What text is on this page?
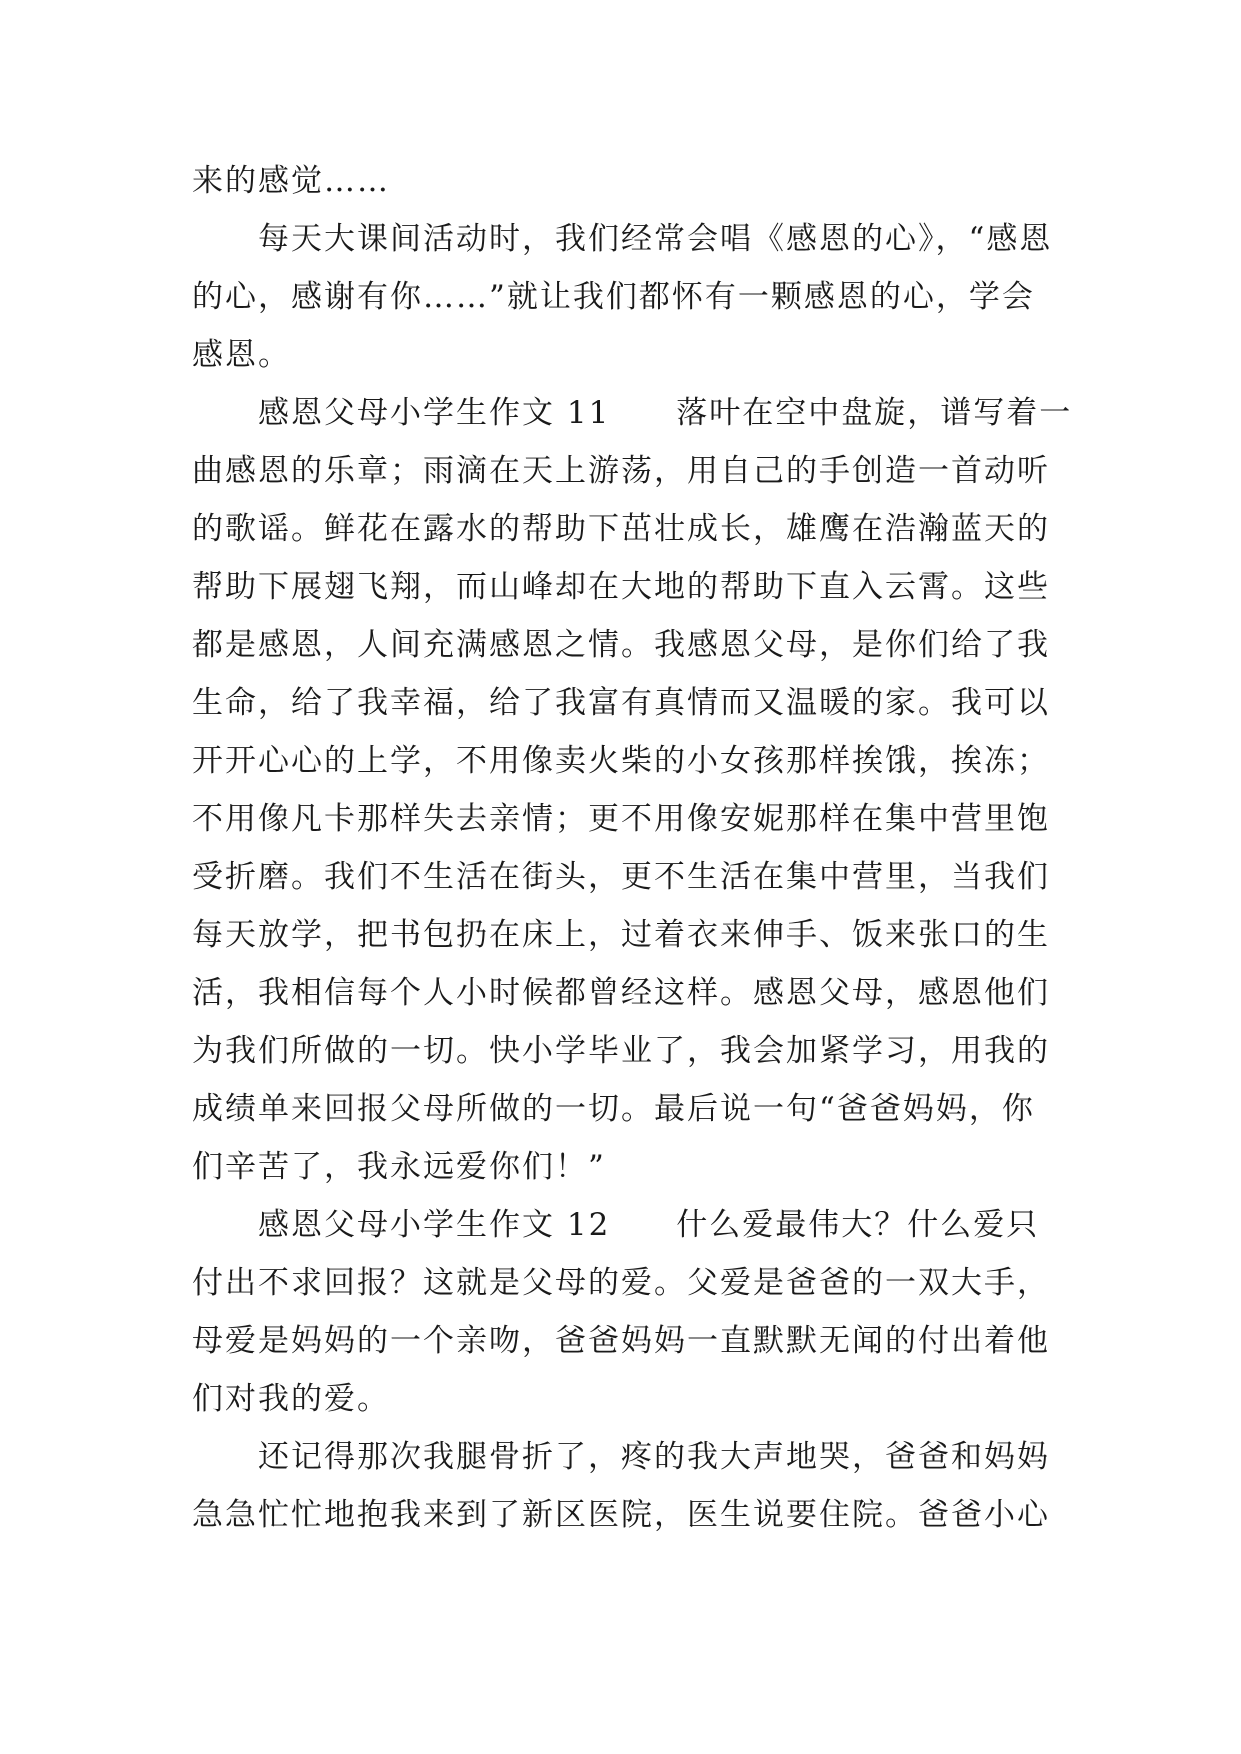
来的感觉……
每天大课间活动时，我们经常会唱《感恩的心》，“感恩
的心，感谢有你……”就让我们都怀有一颗感恩的心，学会
感恩。
感恩父母小学生作文 11　　落叶在空中盘旋，谱写着一
曲感恩的乐章；雨滴在天上游荡，用自己的手创造一首动听
的歌谣。鲜花在露水的帮助下茁壮成长，雄鹰在浩瀚蓝天的
帮助下展翅飞翔，而山峰却在大地的帮助下直入云霄。这些
都是感恩，人间充满感恩之情。我感恩父母，是你们给了我
生命，给了我幸福，给了我富有真情而又温暖的家。我可以
开开心心的上学，不用像卖火柴的小女孩那样挨饿，挨冻；
不用像凡卡那样失去亲情；更不用像安妮那样在集中营里饱
受折磨。我们不生活在街头，更不生活在集中营里，当我们
每天放学，把书包扔在床上，过着衣来伸手、饭来张口的生
活，我相信每个人小时候都曾经这样。感恩父母，感恩他们
为我们所做的一切。快小学毕业了，我会加紧学习，用我的
成绩单来回报父母所做的一切。最后说一句“爸爸妈妈，你
们辛苦了，我永远爱你们！”
感恩父母小学生作文 12　　什么爱最伟大？什么爱只
付出不求回报？这就是父母的爱。父爱是爸爸的一双大手，
母爱是妈妈的一个亲吻，爸爸妈妈一直默默无闻的付出着他
们对我的爱。
还记得那次我腿骨折了，疼的我大声地哭，爸爸和妈妈
急急忙忙地抱我来到了新区医院，医生说要住院。爸爸小心
